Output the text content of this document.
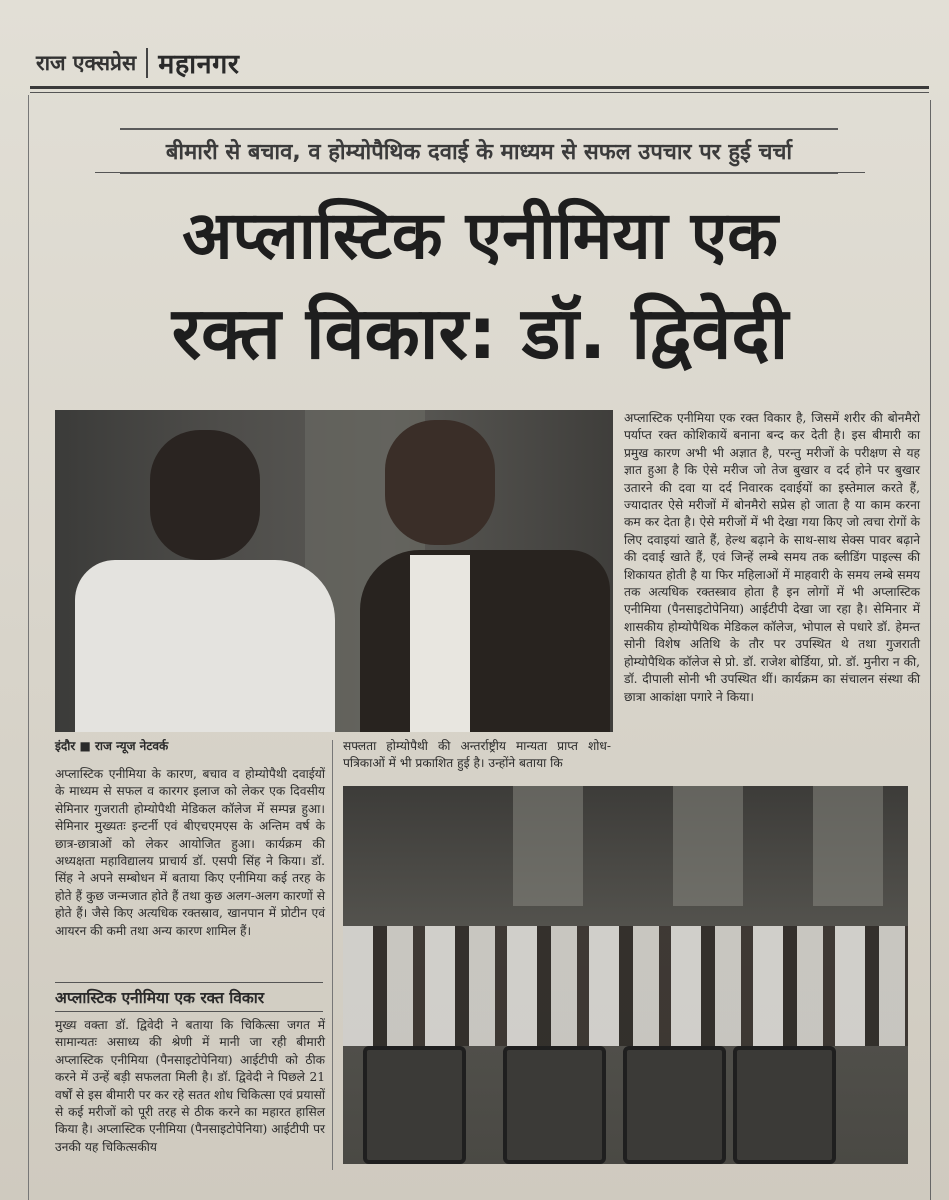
राज एक्सप्रेस महानगर
बीमारी से बचाव, व होम्योपैथिक दवाई के माध्यम से सफल उपचार पर हुई चर्चा
अप्लास्टिक एनीमिया एक
रक्त विकार: डॉ. द्विवेदी
इंदौर ■ राज न्यूज नेटवर्क
अप्लास्टिक एनीमिया एक रक्त विकार है, जिसमें शरीर की बोनमैरो पर्याप्त रक्त कोशिकायें बनाना बन्द कर देती है। इस बीमारी का प्रमुख कारण अभी भी अज्ञात है, परन्तु मरीजों के परीक्षण से यह ज्ञात हुआ है कि ऐसे मरीज जो तेज बुखार व दर्द होने पर बुखार उतारने की दवा या दर्द निवारक दवाईयों का इस्तेमाल करते हैं, ज्यादातर ऐसे मरीजों में बोनमैरो सप्रेस हो जाता है या काम करना कम कर देता है। ऐसे मरीजों में भी देखा गया किए जो त्वचा रोगों के लिए दवाइयां खाते हैं, हेल्थ बढ़ाने के साथ-साथ सेक्स पावर बढ़ाने की दवाई खाते हैं, एवं जिन्हें लम्बे समय तक ब्लीडिंग पाइल्स की शिकायत होती है या फिर महिलाओं में माहवारी के समय लम्बे समय तक अत्यधिक रक्तस्त्राव होता है इन लोगों में भी अप्लास्टिक एनीमिया (पैनसाइटोपेनिया) आईटीपी देखा जा रहा है। सेमिनार में शासकीय होम्योपैथिक मेडिकल कॉलेज, भोपाल से पधारे डॉ. हेमन्त सोनी विशेष अतिथि के तौर पर उपस्थित थे तथा गुजराती होम्योपैथिक कॉलेज से प्रो. डॉ. राजेश बोर्डिया, प्रो. डॉ. मुनीरा न की, डॉ. दीपाली सोनी भी उपस्थित थीं। कार्यक्रम का संचालन संस्था की छात्रा आकांक्षा पगारे ने किया।
सफ्लता होम्योपैथी की अन्तर्राष्ट्रीय मान्यता प्राप्त शोध-पत्रिकाओं में भी प्रकाशित हुई है। उन्होंने बताया कि
अप्लास्टिक एनीमिया के कारण, बचाव व होम्योपैथी दवाईयों के माध्यम से सफल व कारगर इलाज को लेकर एक दिवसीय सेमिनार गुजराती होम्योपैथी मेडिकल कॉलेज में सम्पन्न हुआ। सेमिनार मुख्यतः इन्टर्नी एवं बीएचएमएस के अन्तिम वर्ष के छात्र-छात्राओं को लेकर आयोजित हुआ। कार्यक्रम की अध्यक्षता महाविद्यालय प्राचार्य डॉ. एसपी सिंह ने किया। डॉ. सिंह ने अपने सम्बोधन में बताया किए एनीमिया कई तरह के होते हैं कुछ जन्मजात होते हैं तथा कुछ अलग-अलग कारणों से होते हैं। जैसे किए अत्यधिक रक्तस्राव, खानपान में प्रोटीन एवं आयरन की कमी तथा अन्य कारण शामिल हैं।
अप्लास्टिक एनीमिया एक रक्त विकार
मुख्य वक्ता डॉ. द्विवेदी ने बताया कि चिकित्सा जगत में सामान्यतः असाध्य की श्रेणी में मानी जा रही बीमारी अप्लास्टिक एनीमिया (पैनसाइटोपेनिया) आईटीपी को ठीक करने में उन्हें बड़ी सफलता मिली है। डॉ. द्विवेदी ने पिछले 21 वर्षों से इस बीमारी पर कर रहे सतत शोध चिकित्सा एवं प्रयासों से कई मरीजों को पूरी तरह से ठीक करने का महारत हासिल किया है। अप्लास्टिक एनीमिया (पैनसाइटोपेनिया) आईटीपी पर उनकी यह चिकित्सकीय
